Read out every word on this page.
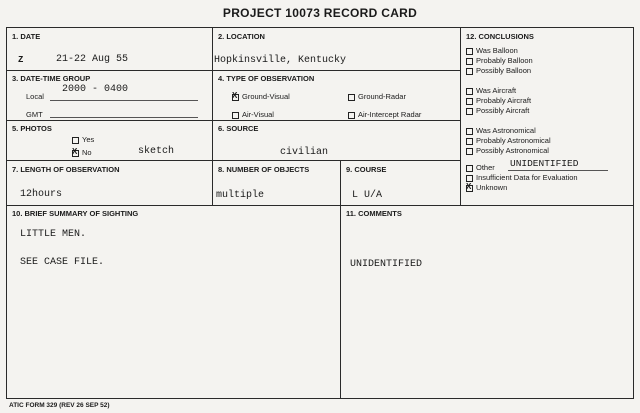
PROJECT 10073 RECORD CARD
1. DATE
Z	21-22 Aug 55
2. LOCATION
Hopkinsville, Kentucky
3. DATE-TIME GROUP
Local
2000 - 0400
GMT
4. TYPE OF OBSERVATION
X Ground-Visual	Ground-Radar
Air-Visual	Air-Intercept Radar
5. PHOTOS
Yes
X No	sketch
6. SOURCE
civilian
7. LENGTH OF OBSERVATION
12hours
8. NUMBER OF OBJECTS
multiple
9. COURSE
L U/A
10. BRIEF SUMMARY OF SIGHTING
LITTLE MEN.
SEE CASE FILE.
11. COMMENTS
UNIDENTIFIED
12. CONCLUSIONS
Was Balloon
Probably Balloon
Possibly Balloon
Was Aircraft
Probably Aircraft
Possibly Aircraft
Was Astronomical
Probably Astronomical
Possibly Astronomical
Other UNIDENTIFIED
Insufficient Data for Evaluation
X Unknown
ATIC FORM 329 (REV 26 SEP 52)
